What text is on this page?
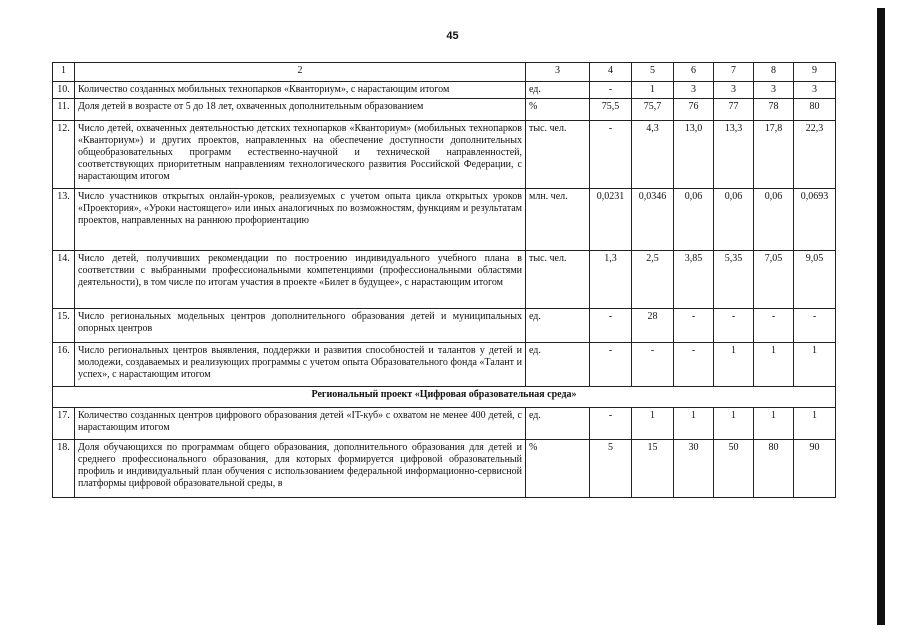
45
1	2	3	4	5	6	7	8	9
10.	Количество созданных мобильных технопарков «Кванториум», с нарастающим итогом	ед.	-	1	3	3	3	3
11.	Доля детей в возрасте от 5 до 18 лет, охваченных дополнительным образованием	%	75,5	75,7	76	77	78	80
12.	Число детей, охваченных деятельностью детских технопарков «Кванториум» (мобильных технопарков «Кванториум») и других проектов, направленных на обеспечение доступности дополнительных общеобразовательных программ естественно-научной и технической направленностей, соответствующих приоритетным направлениям технологического развития Российской Федерации, с нарастающим итогом	тыс. чел.	-	4,3	13,0	13,3	17,8	22,3
13.	Число участников открытых онлайн-уроков, реализуемых с учетом опыта цикла открытых уроков «Проектория», «Уроки настоящего» или иных аналогичных по возможностям, функциям и результатам проектов, направленных на раннюю профориентацию	млн. чел.	0,0231	0,0346	0,06	0,06	0,06	0,0693
14.	Число детей, получивших рекомендации по построению индивидуального учебного плана в соответствии с выбранными профессиональными компетенциями (профессиональными областями деятельности), в том числе по итогам участия в проекте «Билет в будущее», с нарастающим итогом	тыс. чел.	1,3	2,5	3,85	5,35	7,05	9,05
15.	Число региональных модельных центров дополнительного образования детей и муниципальных опорных центров	ед.	-	28	-	-	-	-
16.	Число региональных центров выявления, поддержки и развития способностей и талантов у детей и молодежи, создаваемых и реализующих программы с учетом опыта Образовательного фонда «Талант и успех», с нарастающим итогом	ед.	-	-	-	1	1	1
Региональный проект «Цифровая образовательная среда»								
17.	Количество созданных центров цифрового образования детей «IT-куб» с охватом не менее 400 детей, с нарастающим итогом	ед.	-	1	1	1	1	1
18.	Доля обучающихся по программам общего образования, дополнительного образования для детей и среднего профессионального образования, для которых формируется цифровой образовательный профиль и индивидуальный план обучения с использованием федеральной информационно-сервисной платформы цифровой образовательной среды, в	%	5	15	30	50	80	90
